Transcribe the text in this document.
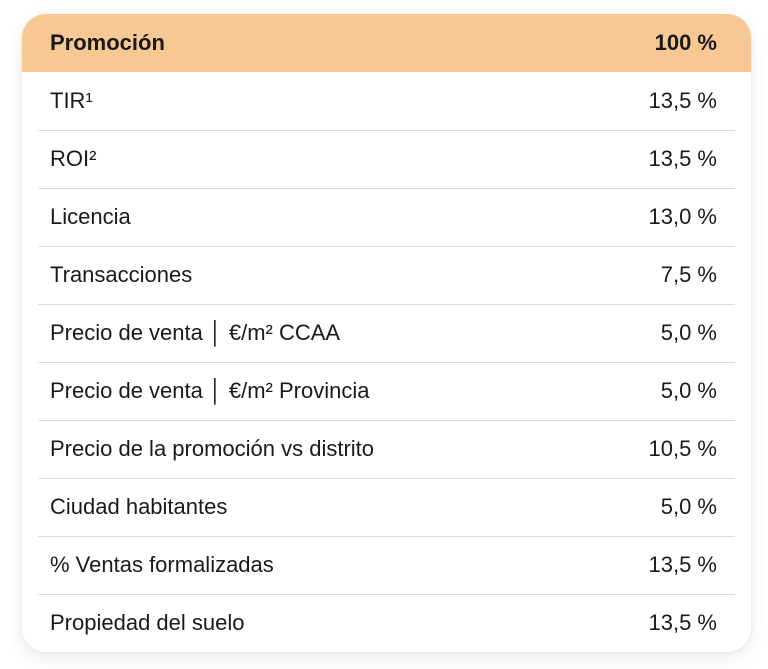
Promoción	100 %
TIR¹	13,5 %
ROI²	13,5 %
Licencia	13,0 %
Transacciones	7,5 %
Precio de venta │ €/m² CCAA	5,0 %
Precio de venta │ €/m² Provincia	5,0 %
Precio de la promoción vs distrito	10,5 %
Ciudad habitantes	5,0 %
% Ventas formalizadas	13,5 %
Propiedad del suelo	13,5 %
